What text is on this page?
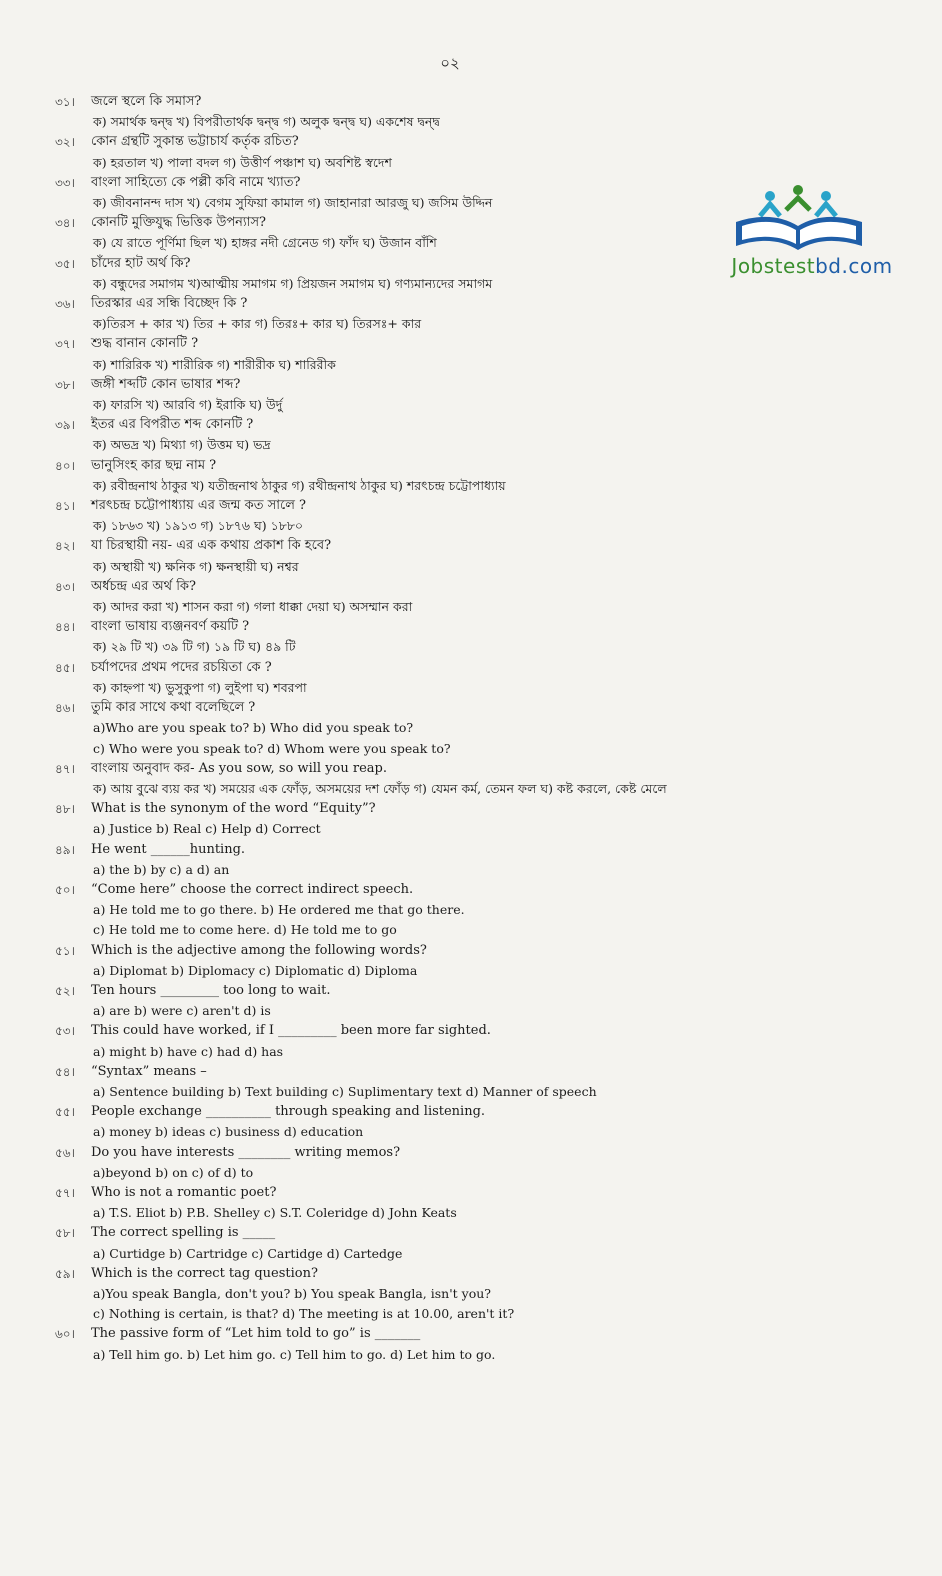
০২
Jobstestbd.com
৩১।	জলে স্থলে কি সমাস?
ক) সমার্থক দ্বন্দ্ব খ) বিপরীতার্থক দ্বন্দ্ব গ) অলুক দ্বন্দ্ব ঘ) একশেষ দ্বন্দ্ব
৩২।	কোন গ্রন্থটি সুকান্ত ভট্টাচার্য কর্তৃক রচিত?
ক) হরতাল খ) পালা বদল গ) উত্তীর্ণ পঞ্চাশ ঘ) অবশিষ্ট স্বদেশ
৩৩।	বাংলা সাহিত্যে কে পল্লী কবি নামে খ্যাত?
ক) জীবনানন্দ দাস খ) বেগম সুফিয়া কামাল গ) জাহানারা আরজু ঘ) জসিম উদ্দিন
৩৪।	কোনটি মুক্তিযুদ্ধ ভিত্তিক উপন্যাস?
ক) যে রাতে পূর্ণিমা ছিল খ) হাঙ্গর নদী গ্রেনেড গ) ফাঁদ ঘ) উজান বাঁশি
৩৫।	চাঁদের হাট অর্থ কি?
ক) বন্ধুদের সমাগম খ)আত্মীয় সমাগম গ) প্রিয়জন সমাগম ঘ) গণ্যমান্যদের সমাগম
৩৬।	তিরস্কার এর সন্ধি বিচ্ছেদ কি ?
ক)তিরস + কার খ) তির + কার গ) তিরঃ+ কার ঘ) তিরসঃ+ কার
৩৭।	শুদ্ধ বানান কোনটি ?
ক) শারিরিক খ) শারীরিক গ) শারীরীক ঘ) শারিরীক
৩৮।	জঙ্গী শব্দটি কোন ভাষার শব্দ?
ক) ফারসি খ) আরবি গ) ইরাকি ঘ) উর্দু
৩৯।	ইতর এর বিপরীত শব্দ কোনটি ?
ক) অভদ্র খ) মিথ্যা গ) উত্তম ঘ) ভদ্র
৪০।	ভানুসিংহ কার ছদ্ম নাম ?
ক) রবীন্দ্রনাথ ঠাকুর খ) যতীন্দ্রনাথ ঠাকুর গ) রথীন্দ্রনাথ ঠাকুর ঘ) শরৎচন্দ্র চট্টোপাধ্যায়
৪১।	শরৎচন্দ্র চট্টোপাধ্যায় এর জন্ম কত সালে ?
ক) ১৮৬৩ খ) ১৯১৩ গ) ১৮৭৬ ঘ) ১৮৮০
৪২।	যা চিরস্থায়ী নয়- এর এক কথায় প্রকাশ কি হবে?
ক) অস্থায়ী খ) ক্ষনিক গ) ক্ষনস্থায়ী ঘ) নশ্বর
৪৩।	অর্ধচন্দ্র এর অর্থ কি?
ক) আদর করা খ) শাসন করা গ) গলা ধাক্কা দেয়া ঘ) অসম্মান করা
৪৪।	বাংলা ভাষায় ব্যঞ্জনবর্ণ কয়টি ?
ক) ২৯ টি খ) ৩৯ টি গ) ১৯ টি ঘ) ৪৯ টি
৪৫।	চর্যাপদের প্রথম পদের রচয়িতা কে ?
ক) কাহ্নপা খ) ভুসুকুপা গ) লুইপা ঘ) শবরপা
৪৬।	তুমি কার সাথে কথা বলেছিলে ?
a)Who are you speak to? b) Who did you speak to?
c) Who were you speak to? d) Whom were you speak to?
৪৭।	বাংলায় অনুবাদ কর- As you sow, so will you reap.
ক) আয় বুঝে ব্যয় কর খ) সময়ের এক ফোঁড়, অসময়ের দশ ফোঁড় গ) যেমন কর্ম, তেমন ফল ঘ) কষ্ট করলে, কেষ্ট মেলে
৪৮।	What is the synonym of the word “Equity”?
a) Justice b) Real c) Help d) Correct
৪৯।	He went ______hunting.
a) the b) by c) a d) an
৫০।	“Come here” choose the correct indirect speech.
a) He told me to go there. b) He ordered me that go there.
c) He told me to come here. d) He told me to go
৫১।	Which is the adjective among the following words?
a) Diplomat b) Diplomacy c) Diplomatic d) Diploma
৫২।	Ten hours _________ too long to wait.
a) are b) were c) aren't d) is
৫৩।	This could have worked, if I _________ been more far sighted.
a) might b) have c) had d) has
৫৪।	“Syntax” means –
a) Sentence building b) Text building c) Suplimentary text d) Manner of speech
৫৫।	People exchange __________ through speaking and listening.
a) money b) ideas c) business d) education
৫৬।	Do you have interests ________ writing memos?
a)beyond b) on c) of d) to
৫৭।	Who is not a romantic poet?
a) T.S. Eliot b) P.B. Shelley c) S.T. Coleridge d) John Keats
৫৮।	The correct spelling is _____
a) Curtidge b) Cartridge c) Cartidge d) Cartedge
৫৯।	Which is the correct tag question?
a)You speak Bangla, don't you? b) You speak Bangla, isn't you?
c) Nothing is certain, is that? d) The meeting is at 10.00, aren't it?
৬০।	The passive form of “Let him told to go” is _______
a) Tell him go. b) Let him go. c) Tell him to go. d) Let him to go.
